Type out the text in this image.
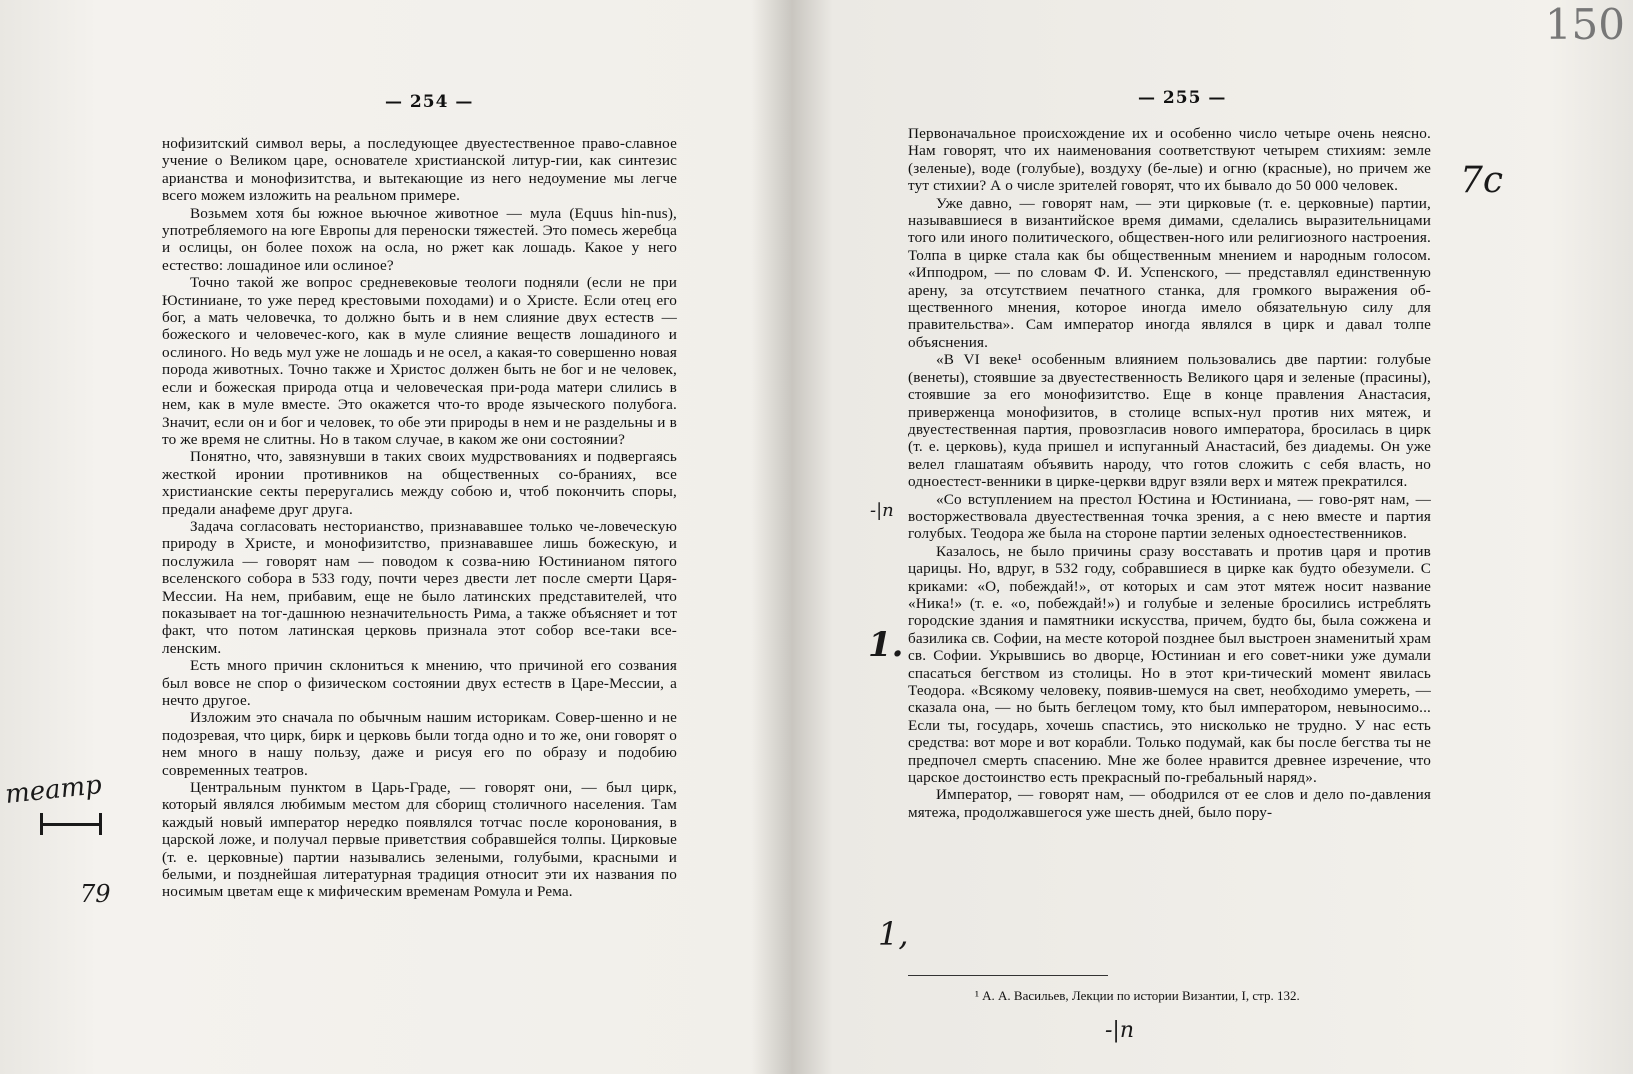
— 254 —

нофизитский символ веры, а последующее двуестественное право-славное учение о Великом царе, основателе христианской литур-гии, как синтезис арианства и монофизитства, и вытекающие из него недоумение мы легче всего можем изложить на реальном примере.

Возьмем хотя бы южное вьючное животное — мула (Equus hin-nus), употребляемого на юге Европы для переноски тяжестей. Это помесь жеребца и ослицы, он более похож на осла, но ржет как лошадь. Какое у него естество: лошадиное или ослиное?

Точно такой же вопрос средневековые теологи подняли (если не при Юстиниане, то уже перед крестовыми походами) и о Христе. Если отец его бог, а мать человечка, то должно быть и в нем слияние двух естеств — божеского и человечес-кого, как в муле слияние веществ лошадиного и ослиного. Но ведь мул уже не лошадь и не осел, а какая-то совершенно новая порода животных. Точно также и Христос должен быть не бог и не человек, если и божеская природа отца и человеческая при-рода матери слились в нем, как в муле вместе. Это окажется что-то вроде языческого полубога. Значит, если он и бог и человек, то обе эти природы в нем и не раздельны и в то же время не слитны. Но в таком случае, в каком же они состоянии?

Понятно, что, завязнувши в таких своих мудрствованиях и подвергаясь жесткой иронии противников на общественных со-браниях, все христианские секты переругались между собою и, чтоб покончить споры, предали анафеме друг друга.

Задача согласовать несторианство, признававшее только че-ловеческую природу в Христе, и монофизитство, признававшее лишь божескую, и послужила — говорят нам — поводом к созва-нию Юстинианом пятого вселенского собора в 533 году, почти через двести лет после смерти Царя-Мессии. На нем, прибавим, еще не было латинских представителей, что показывает на тог-дашнюю незначительность Рима, а также объясняет и тот факт, что потом латинская церковь признала этот собор все-таки все-ленским.

Есть много причин склониться к мнению, что причиной его созвания был вовсе не спор о физическом состоянии двух естеств в Царе-Мессии, а нечто другое.

Изложим это сначала по обычным нашим историкам. Совер-шенно и не подозревая, что цирк, бирк и церковь были тогда одно и то же, они говорят о нем много в нашу пользу, даже и рисуя его по образу и подобию современных театров.

Центральным пунктом в Царь-Граде, — говорят они, — был цирк, который являлся любимым местом для сборищ столичного населения. Там каждый новый император нередко появлялся тотчас после коронования, в царской ложе, и получал первые приветствия собравшейся толпы. Цирковые (т. е. церковные) партии назывались зелеными, голубыми, красными и белыми, и позднейшая литературная традиция относит эти их названия по носимым цветам еще к мифическим временам Ромула и Рема.

— 255 —

Первоначальное происхождение их и особенно число четыре очень неясно. Нам говорят, что их наименования соответствуют четырем стихиям: земле (зеленые), воде (голубые), воздуху (бе-лые) и огню (красные), но причем же тут стихии? А о числе зрителей говорят, что их бывало до 50 000 человек.

Уже давно, — говорят нам, — эти цирковые (т. е. церковные) партии, называвшиеся в византийское время димами, сделались выразительницами того или иного политического, обществен-ного или религиозного настроения. Толпа в цирке стала как бы общественным мнением и народным голосом. «Ипподром, — по словам Ф. И. Успенского, — представлял единственную арену, за отсутствием печатного станка, для громкого выражения об-щественного мнения, которое иногда имело обязательную силу для правительства». Сам император иногда являлся в цирк и давал толпе объяснения.

«В VI веке¹ особенным влиянием пользовались две партии: голубые (венеты), стоявшие за двуестественность Великого царя и зеленые (прасины), стоявшие за его монофизитство. Еще в конце правления Анастасия, приверженца монофизитов, в столице вспых-нул против них мятеж, и двуестественная партия, провозгласив нового императора, бросилась в цирк (т. е. церковь), куда пришел и испуганный Анастасий, без диадемы. Он уже велел глашатаям объявить народу, что готов сложить с себя власть, но одноестест-венники в цирке-церкви вдруг взяли верх и мятеж прекратился.

«Со вступлением на престол Юстина и Юстиниана, — гово-рят нам, — восторжествовала двуестественная точка зрения, а с нею вместе и партия голубых. Теодора же была на стороне партии зеленых одноестественников.

Казалось, не было причины сразу восставать и против царя и против царицы. Но, вдруг, в 532 году, собравшиеся в цирке как будто обезумели. С криками: «О, побеждай!», от которых и сам этот мятеж носит название «Ника!» (т. е. «о, побеждай!») и голубые и зеленые бросились истреблять городские здания и памятники искусства, причем, будто бы, была сожжена и базилика св. Софии, на месте которой позднее был выстроен знаменитый храм св. Софии. Укрывшись во дворце, Юстиниан и его совет-ники уже думали спасаться бегством из столицы. Но в этот кри-тический момент явилась Теодора. «Всякому человеку, появив-шемуся на свет, необходимо умереть, — сказала она, — но быть беглецом тому, кто был императором, невыносимо... Если ты, государь, хочешь спастись, это нисколько не трудно. У нас есть средства: вот море и вот корабли. Только подумай, как бы после бегства ты не предпочел смерть спасению. Мне же более нравится древнее изречение, что царское достоинство есть прекрасный по-гребальный наряд».

Император, — говорят нам, — ободрился от ее слов и дело по-давления мятежа, продолжавшегося уже шесть дней, было пору-

¹ А. А. Васильев, Лекции по истории Византии, I, стр. 132.
150
7с
театр
79
1.
1,
-|n
-|n
